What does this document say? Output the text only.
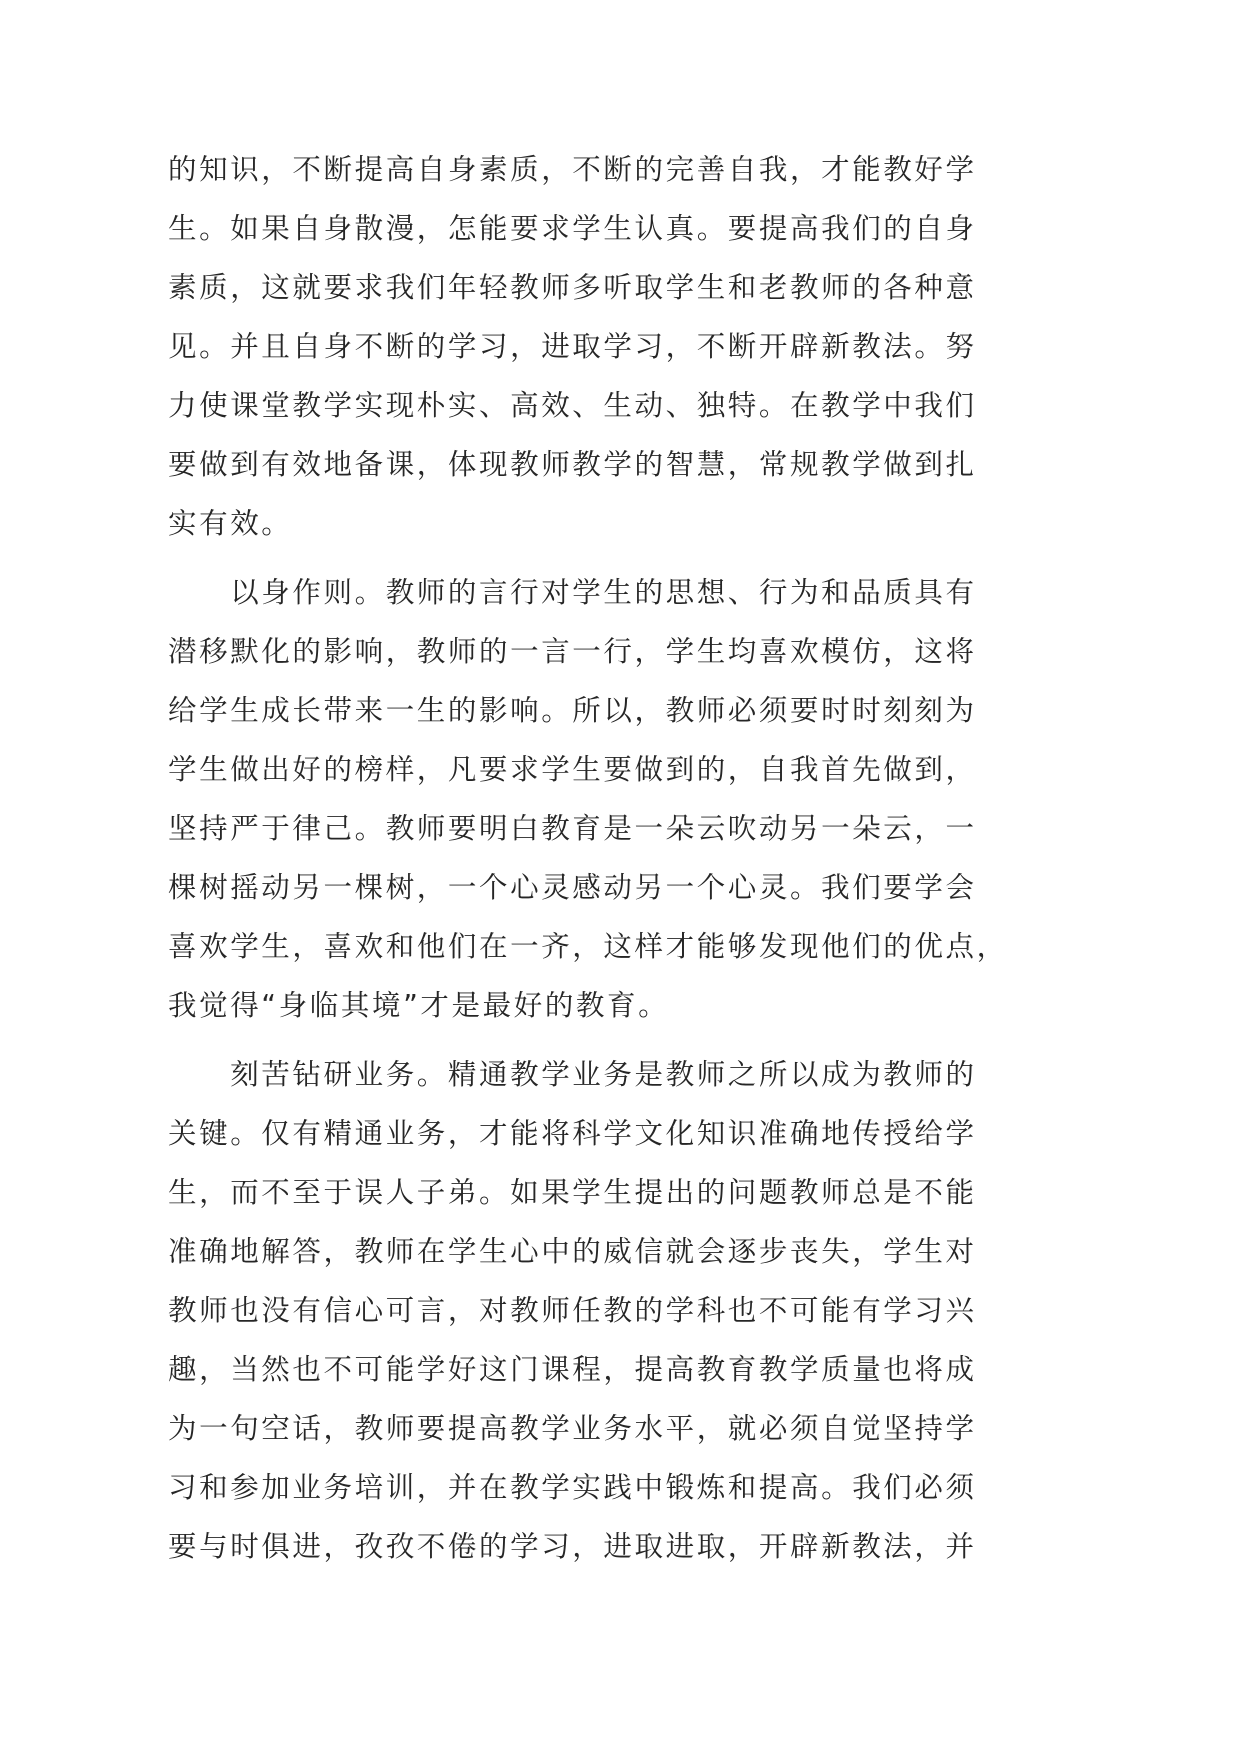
的知识，不断提高自身素质，不断的完善自我，才能教好学
生。如果自身散漫，怎能要求学生认真。要提高我们的自身
素质，这就要求我们年轻教师多听取学生和老教师的各种意
见。并且自身不断的学习，进取学习，不断开辟新教法。努
力使课堂教学实现朴实、高效、生动、独特。在教学中我们
要做到有效地备课，体现教师教学的智慧，常规教学做到扎
实有效。
　　以身作则。教师的言行对学生的思想、行为和品质具有
潜移默化的影响，教师的一言一行，学生均喜欢模仿，这将
给学生成长带来一生的影响。所以，教师必须要时时刻刻为
学生做出好的榜样，凡要求学生要做到的，自我首先做到，
坚持严于律己。教师要明白教育是一朵云吹动另一朵云，一
棵树摇动另一棵树，一个心灵感动另一个心灵。我们要学会
喜欢学生，喜欢和他们在一齐，这样才能够发现他们的优点，
我觉得“身临其境”才是最好的教育。
　　刻苦钻研业务。精通教学业务是教师之所以成为教师的
关键。仅有精通业务，才能将科学文化知识准确地传授给学
生，而不至于误人子弟。如果学生提出的问题教师总是不能
准确地解答，教师在学生心中的威信就会逐步丧失，学生对
教师也没有信心可言，对教师任教的学科也不可能有学习兴
趣，当然也不可能学好这门课程，提高教育教学质量也将成
为一句空话，教师要提高教学业务水平，就必须自觉坚持学
习和参加业务培训，并在教学实践中锻炼和提高。我们必须
要与时俱进，孜孜不倦的学习，进取进取，开辟新教法，并
